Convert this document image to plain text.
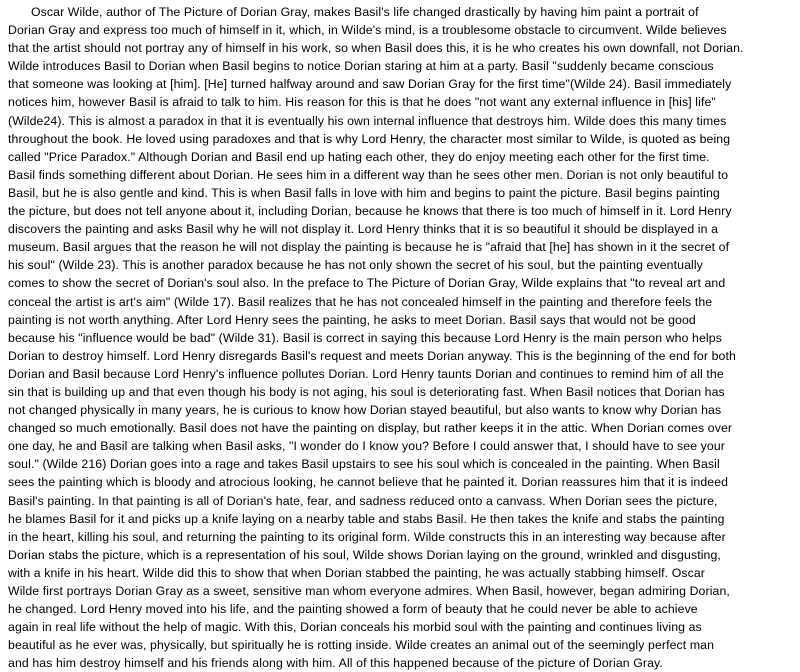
Oscar Wilde, author of The Picture of Dorian Gray, makes Basil's life changed drastically by having him paint a portrait of
Dorian Gray and express too much of himself in it, which, in Wilde's mind, is a troublesome obstacle to circumvent. Wilde believes
that the artist should not portray any of himself in his work, so when Basil does this, it is he who creates his own downfall, not Dorian.
Wilde introduces Basil to Dorian when Basil begins to notice Dorian staring at him at a party. Basil "suddenly became conscious
that someone was looking at [him]. [He] turned halfway around and saw Dorian Gray for the first time"(Wilde 24). Basil immediately
notices him, however Basil is afraid to talk to him. His reason for this is that he does "not want any external influence in [his] life"
(Wilde24). This is almost a paradox in that it is eventually his own internal influence that destroys him. Wilde does this many times
throughout the book. He loved using paradoxes and that is why Lord Henry, the character most similar to Wilde, is quoted as being
called "Price Paradox." Although Dorian and Basil end up hating each other, they do enjoy meeting each other for the first time.
Basil finds something different about Dorian. He sees him in a different way than he sees other men. Dorian is not only beautiful to
Basil, but he is also gentle and kind. This is when Basil falls in love with him and begins to paint the picture. Basil begins painting
the picture, but does not tell anyone about it, including Dorian, because he knows that there is too much of himself in it. Lord Henry
discovers the painting and asks Basil why he will not display it. Lord Henry thinks that it is so beautiful it should be displayed in a
museum. Basil argues that the reason he will not display the painting is because he is "afraid that [he] has shown in it the secret of
his soul" (Wilde 23). This is another paradox because he has not only shown the secret of his soul, but the painting eventually
comes to show the secret of Dorian's soul also. In the preface to The Picture of Dorian Gray, Wilde explains that "to reveal art and
conceal the artist is art's aim" (Wilde 17). Basil realizes that he has not concealed himself in the painting and therefore feels the
painting is not worth anything. After Lord Henry sees the painting, he asks to meet Dorian. Basil says that would not be good
because his "influence would be bad" (Wilde 31). Basil is correct in saying this because Lord Henry is the main person who helps
Dorian to destroy himself. Lord Henry disregards Basil's request and meets Dorian anyway. This is the beginning of the end for both
Dorian and Basil because Lord Henry's influence pollutes Dorian. Lord Henry taunts Dorian and continues to remind him of all the
sin that is building up and that even though his body is not aging, his soul is deteriorating fast. When Basil notices that Dorian has
not changed physically in many years, he is curious to know how Dorian stayed beautiful, but also wants to know why Dorian has
changed so much emotionally. Basil does not have the painting on display, but rather keeps it in the attic. When Dorian comes over
one day, he and Basil are talking when Basil asks, "I wonder do I know you? Before I could answer that, I should have to see your
soul." (Wilde 216) Dorian goes into a rage and takes Basil upstairs to see his soul which is concealed in the painting. When Basil
sees the painting which is bloody and atrocious looking, he cannot believe that he painted it. Dorian reassures him that it is indeed
Basil's painting. In that painting is all of Dorian's hate, fear, and sadness reduced onto a canvass. When Dorian sees the picture,
he blames Basil for it and picks up a knife laying on a nearby table and stabs Basil. He then takes the knife and stabs the painting
in the heart, killing his soul, and returning the painting to its original form. Wilde constructs this in an interesting way because after
Dorian stabs the picture, which is a representation of his soul, Wilde shows Dorian laying on the ground, wrinkled and disgusting,
with a knife in his heart. Wilde did this to show that when Dorian stabbed the painting, he was actually stabbing himself. Oscar
Wilde first portrays Dorian Gray as a sweet, sensitive man whom everyone admires. When Basil, however, began admiring Dorian,
he changed. Lord Henry moved into his life, and the painting showed a form of beauty that he could never be able to achieve
again in real life without the help of magic. With this, Dorian conceals his morbid soul with the painting and continues living as
beautiful as he ever was, physically, but spiritually he is rotting inside. Wilde creates an animal out of the seemingly perfect man
and has him destroy himself and his friends along with him. All of this happened because of the picture of Dorian Gray.
